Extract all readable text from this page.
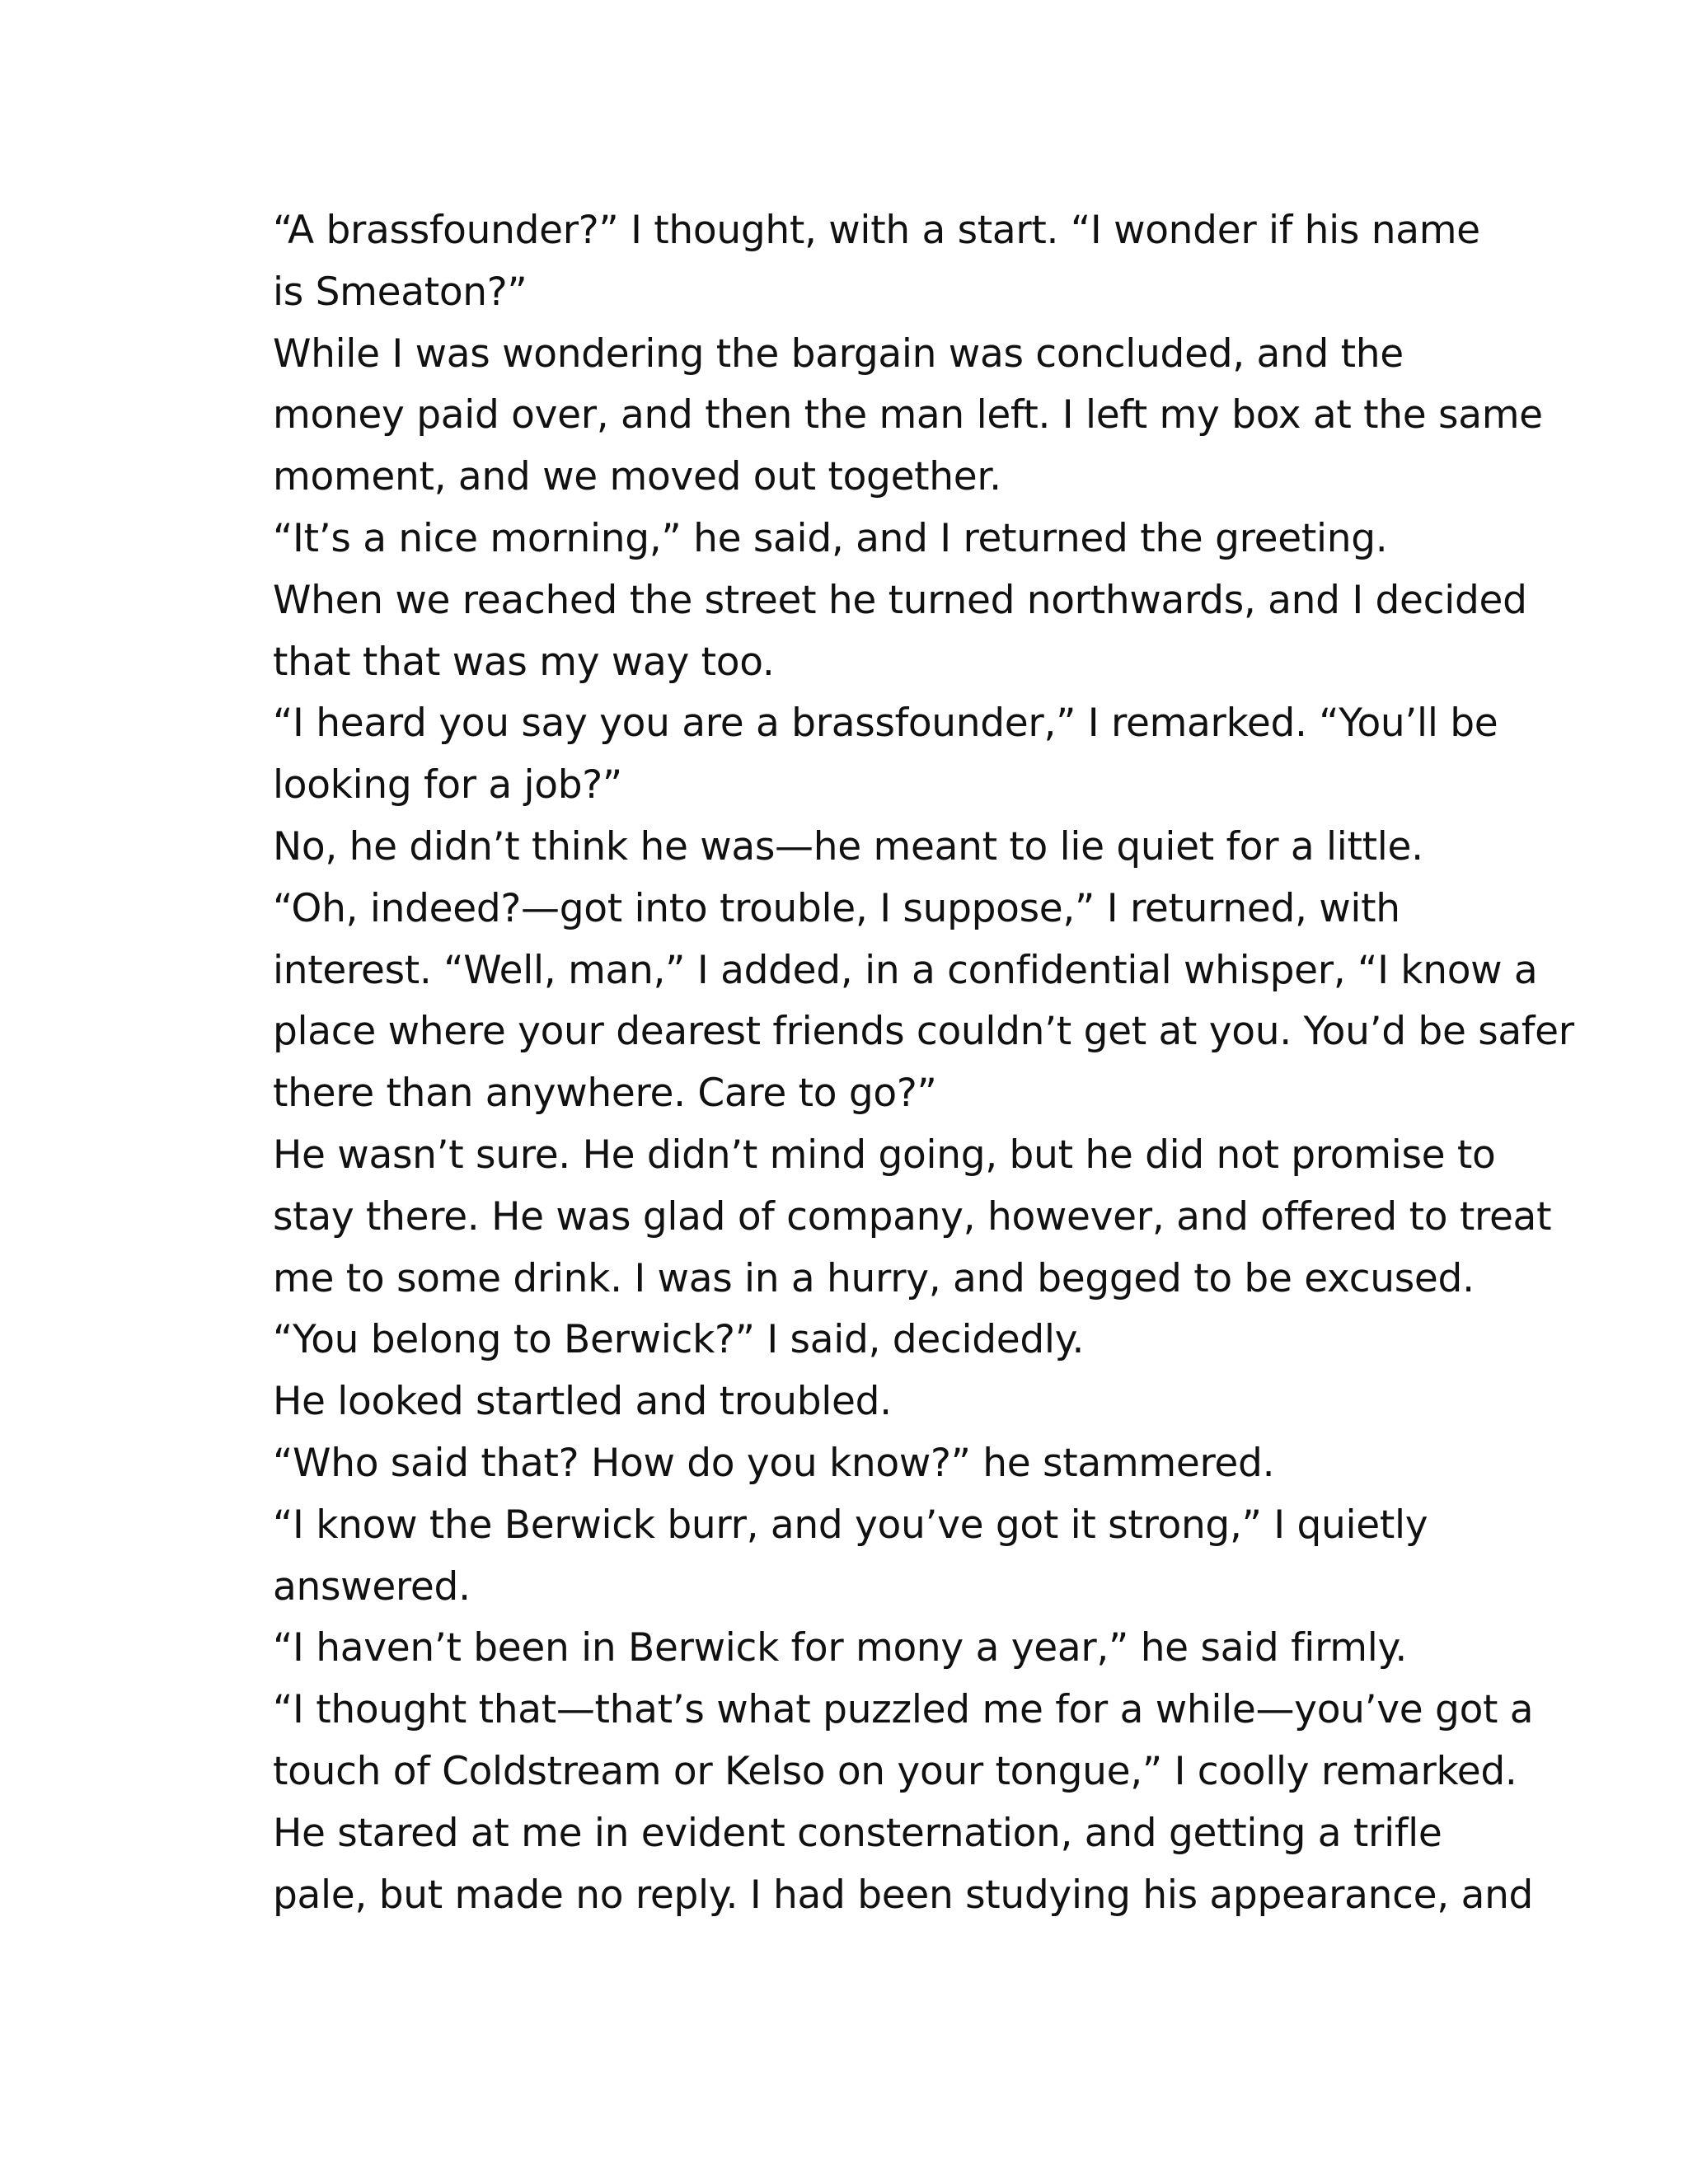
“A brassfounder?” I thought, with a start. “I wonder if his name
is Smeaton?”

While I was wondering the bargain was concluded, and the
money paid over, and then the man left. I left my box at the same
moment, and we moved out together.

“It’s a nice morning,” he said, and I returned the greeting.

When we reached the street he turned northwards, and I decided
that that was my way too.

“I heard you say you are a brassfounder,” I remarked. “You’ll be
looking for a job?”

No, he didn’t think he was—he meant to lie quiet for a little.

“Oh, indeed?—got into trouble, I suppose,” I returned, with
interest. “Well, man,” I added, in a confidential whisper, “I know a
place where your dearest friends couldn’t get at you. You’d be safer
there than anywhere. Care to go?”

He wasn’t sure. He didn’t mind going, but he did not promise to
stay there. He was glad of company, however, and offered to treat
me to some drink. I was in a hurry, and begged to be excused.

“You belong to Berwick?” I said, decidedly.

He looked startled and troubled.

“Who said that? How do you know?” he stammered.

“I know the Berwick burr, and you’ve got it strong,” I quietly
answered.

“I haven’t been in Berwick for mony a year,” he said firmly.

“I thought that—that’s what puzzled me for a while—you’ve got a
touch of Coldstream or Kelso on your tongue,” I coolly remarked.

He stared at me in evident consternation, and getting a trifle
pale, but made no reply. I had been studying his appearance, and
